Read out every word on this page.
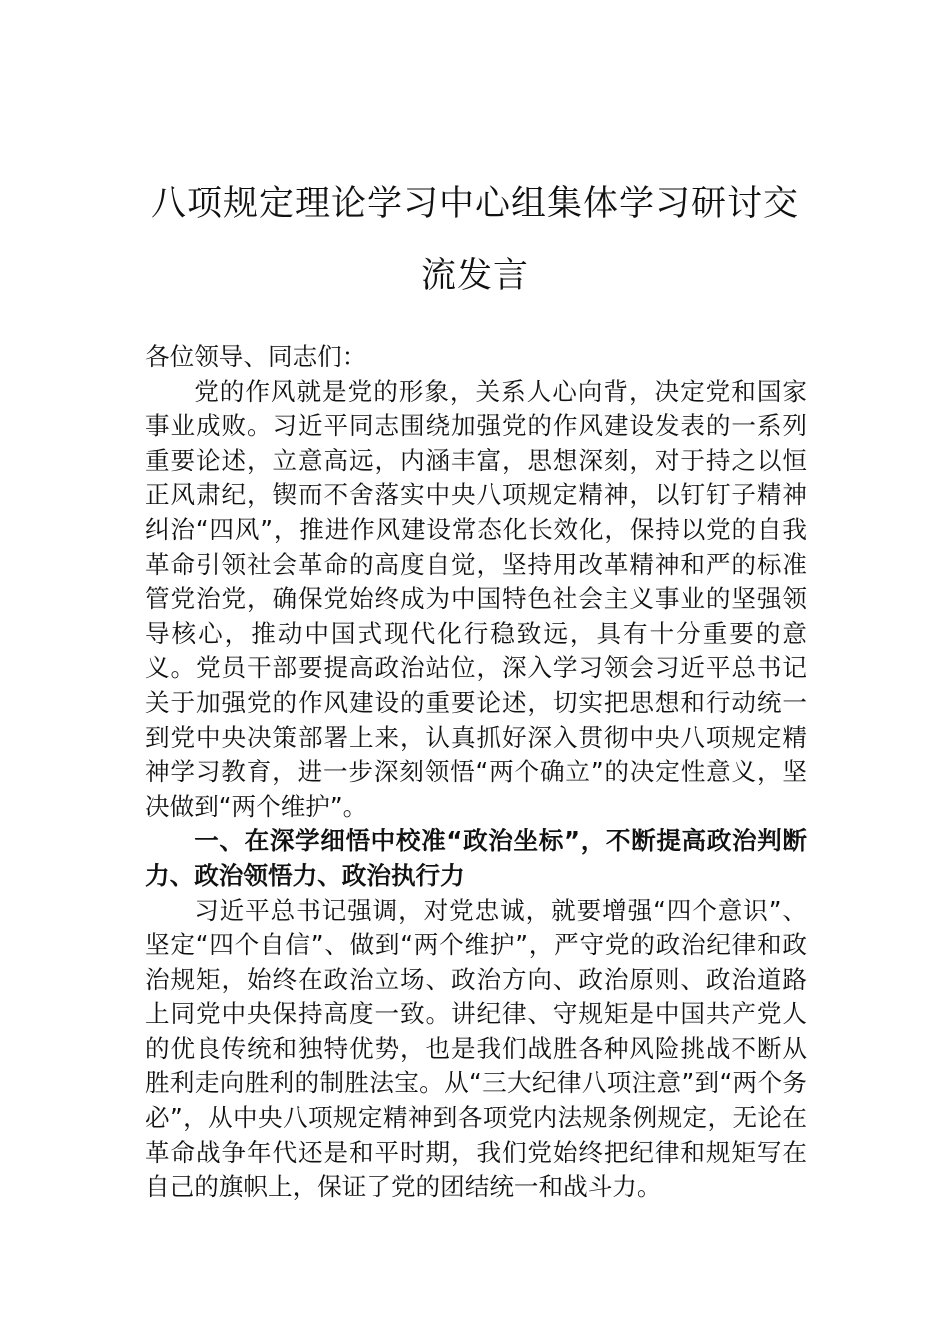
八项规定理论学习中心组集体学习研讨交流发言

各位领导、同志们：

党的作风就是党的形象，关系人心向背，决定党和国家事业成败。习近平同志围绕加强党的作风建设发表的一系列重要论述，立意高远，内涵丰富，思想深刻，对于持之以恒正风肃纪，锲而不舍落实中央八项规定精神，以钉钉子精神纠治“四风”，推进作风建设常态化长效化，保持以党的自我革命引领社会革命的高度自觉，坚持用改革精神和严的标准管党治党，确保党始终成为中国特色社会主义事业的坚强领导核心，推动中国式现代化行稳致远，具有十分重要的意义。党员干部要提高政治站位，深入学习领会习近平总书记关于加强党的作风建设的重要论述，切实把思想和行动统一到党中央决策部署上来，认真抓好深入贯彻中央八项规定精神学习教育，进一步深刻领悟“两个确立”的决定性意义，坚决做到“两个维护”。

一、在深学细悟中校准“政治坐标”，不断提高政治判断力、政治领悟力、政治执行力

习近平总书记强调，对党忠诚，就要增强“四个意识”、坚定“四个自信”、做到“两个维护”，严守党的政治纪律和政治规矩，始终在政治立场、政治方向、政治原则、政治道路上同党中央保持高度一致。讲纪律、守规矩是中国共产党人的优良传统和独特优势，也是我们战胜各种风险挑战不断从胜利走向胜利的制胜法宝。从“三大纪律八项注意”到“两个务必”，从中央八项规定精神到各项党内法规条例规定，无论在革命战争年代还是和平时期，我们党始终把纪律和规矩写在自己的旗帜上，保证了党的团结统一和战斗力。
